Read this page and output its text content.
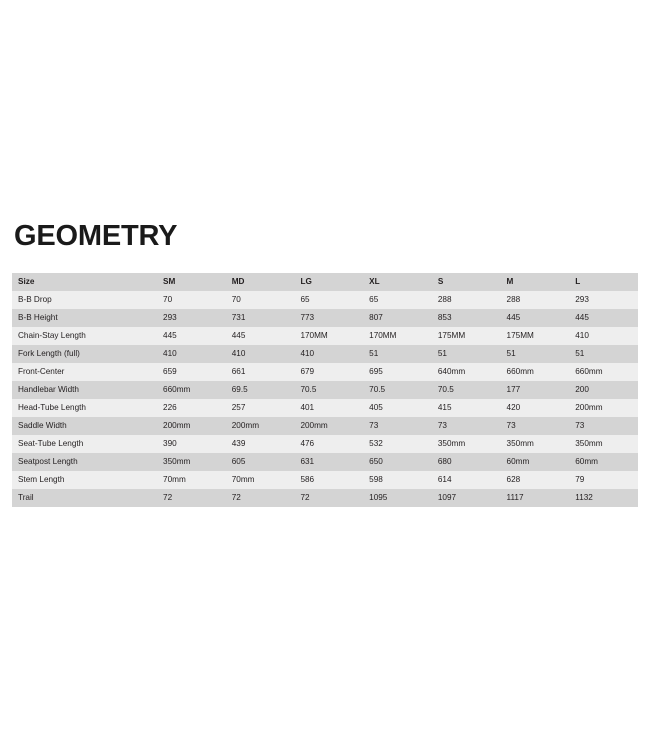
GEOMETRY
Size	SM	MD	LG	XL	S	M	L
B-B Drop	70	70	65	65	288	288	293
B-B Height	293	731	773	807	853	445	445
Chain-Stay Length	445	445	170MM	170MM	175MM	175MM	410
Fork Length (full)	410	410	410	51	51	51	51
Front-Center	659	661	679	695	640mm	660mm	660mm
Handlebar Width	660mm	69.5	70.5	70.5	70.5	177	200
Head-Tube Length	226	257	401	405	415	420	200mm
Saddle Width	200mm	200mm	200mm	73	73	73	73
Seat-Tube Length	390	439	476	532	350mm	350mm	350mm
Seatpost Length	350mm	605	631	650	680	60mm	60mm
Stem Length	70mm	70mm	586	598	614	628	79
Trail	72	72	72	1095	1097	1117	1132
